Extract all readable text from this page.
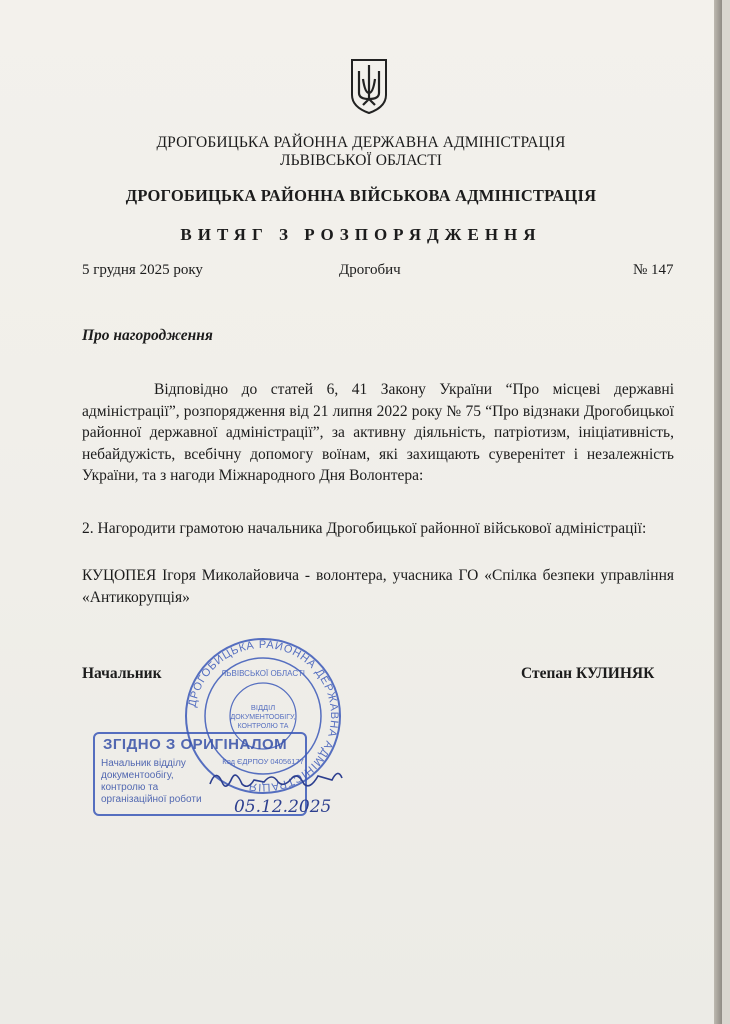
ДРОГОБИЦЬКА РАЙОННА ДЕРЖАВНА АДМІНІСТРАЦІЯ
ЛЬВІВСЬКОЇ ОБЛАСТІ
ДРОГОБИЦЬКА РАЙОННА ВІЙСЬКОВА АДМІНІСТРАЦІЯ
ВИТЯГ З РОЗПОРЯДЖЕННЯ
5 грудня 2025 року	Дрогобич	№ 147
Про нагородження

Відповідно до статей 6, 41 Закону України “Про місцеві державні адміністрації”, розпорядження від 21 липня 2022 року № 75 “Про відзнаки Дрогобицької районної державної адміністрації”, за активну діяльність, патріотизм, ініціативність, небайдужість, всебічну допомогу воїнам, які захищають суверенітет і незалежність України, та з нагоди Міжнародного Дня Волонтера:

2. Нагородити грамотою начальника Дрогобицької районної військової адміністрації:

КУЦОПЕЯ Ігоря Миколайовича - волонтера, учасника ГО «Спілка безпеки управління «Антикорупція»

Начальник	Степан КУЛИНЯК
ДРОГОБИЦЬКА РАЙОННА ДЕРЖАВНА АДМІНІСТРАЦІЯ
ВІДДІЛ
ДОКУМЕНТООБІГУ,
КОНТРОЛЮ ТА
ЛЬВІВСЬКОЇ ОБЛАСТІ
Код ЄДРПОУ 04056177
ЗГІДНО З ОРИГІНАЛОМ
Начальник відділу
документообігу,
контролю та
організаційної роботи 05.12.2025
